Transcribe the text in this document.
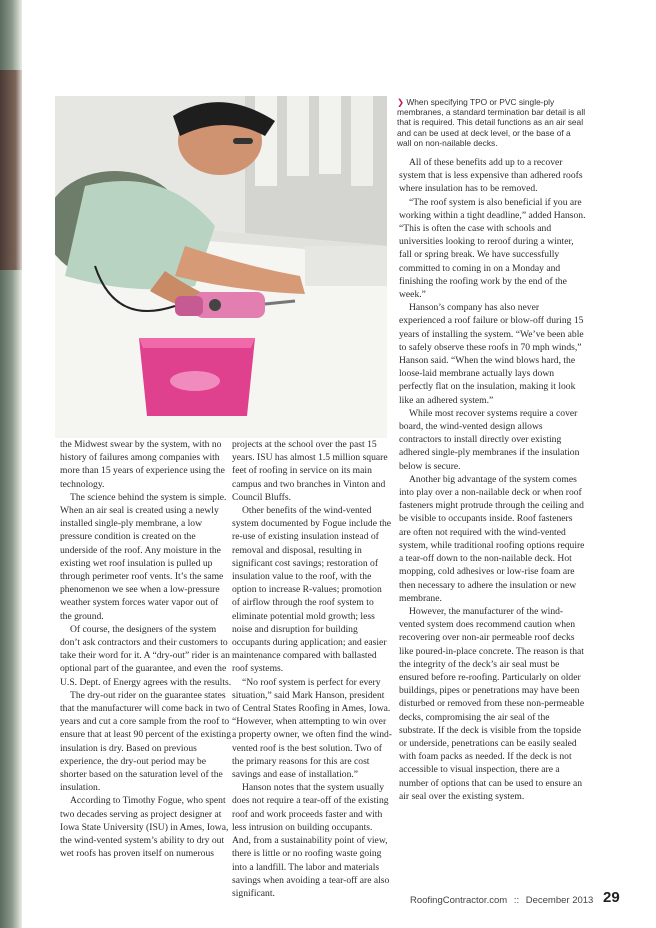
❯ When specifying TPO or PVC single-ply membranes, a standard termination bar detail is all that is required. This detail functions as an air seal and can be used at deck level, or the base of a wall on non-nailable decks.

the Midwest swear by the system, with no history of failures among companies with more than 15 years of experience using the technology.

The science behind the system is simple. When an air seal is created using a newly installed single-ply membrane, a low pressure condition is created on the underside of the roof. Any moisture in the existing wet roof insulation is pulled up through perimeter roof vents. It’s the same phenomenon we see when a low-pressure weather system forces water vapor out of the ground.

Of course, the designers of the system don’t ask contractors and their customers to take their word for it. A “dry-out” rider is an optional part of the guarantee, and even the U.S. Dept. of Energy agrees with the results.

The dry-out rider on the guarantee states that the manufacturer will come back in two years and cut a core sample from the roof to ensure that at least 90 percent of the existing insulation is dry. Based on previous experience, the dry-out period may be shorter based on the saturation level of the insulation.

According to Timothy Fogue, who spent two decades serving as project designer at Iowa State University (ISU) in Ames, Iowa, the wind-vented system’s ability to dry out wet roofs has proven itself on numerous

projects at the school over the past 15 years. ISU has almost 1.5 million square feet of roofing in service on its main campus and two branches in Vinton and Council Bluffs.

Other benefits of the wind-vented system documented by Fogue include the re-use of existing insulation instead of removal and disposal, resulting in significant cost savings; restoration of insulation value to the roof, with the option to increase R-values; promotion of airflow through the roof system to eliminate potential mold growth; less noise and disruption for building occupants during application; and easier maintenance compared with ballasted roof systems.

“No roof system is perfect for every situation,” said Mark Hanson, president of Central States Roofing in Ames, Iowa. “However, when attempting to win over a property owner, we often find the wind-vented roof is the best solution. Two of the primary reasons for this are cost savings and ease of installation.”

Hanson notes that the system usually does not require a tear-off of the existing roof and work proceeds faster and with less intrusion on building occupants. And, from a sustainability point of view, there is little or no roofing waste going into a landfill. The labor and materials savings when avoiding a tear-off are also significant.

All of these benefits add up to a recover system that is less expensive than adhered roofs where insulation has to be removed.

“The roof system is also beneficial if you are working within a tight deadline,” added Hanson. “This is often the case with schools and universities looking to reroof during a winter, fall or spring break. We have successfully committed to coming in on a Monday and finishing the roofing work by the end of the week.”

Hanson’s company has also never experienced a roof failure or blow-off during 15 years of installing the system. “We’ve been able to safely observe these roofs in 70 mph winds,” Hanson said. “When the wind blows hard, the loose-laid membrane actually lays down perfectly flat on the insulation, making it look like an adhered system.”

While most recover systems require a cover board, the wind-vented design allows contractors to install directly over existing adhered single-ply membranes if the insulation below is secure.

Another big advantage of the system comes into play over a non-nailable deck or when roof fasteners might protrude through the ceiling and be visible to occupants inside. Roof fasteners are often not required with the wind-vented system, while traditional roofing options require a tear-off down to the non-nailable deck. Hot mopping, cold adhesives or low-rise foam are then necessary to adhere the insulation or new membrane.

However, the manufacturer of the wind-vented system does recommend caution when recovering over non-air permeable roof decks like poured-in-place concrete. The reason is that the integrity of the deck’s air seal must be ensured before re-roofing. Particularly on older buildings, pipes or penetrations may have been disturbed or removed from these non-permeable decks, compromising the air seal of the substrate. If the deck is visible from the topside or underside, penetrations can be easily sealed with foam packs as needed. If the deck is not accessible to visual inspection, there are a number of options that can be used to ensure an air seal over the existing system.

RoofingContractor.com :: December 2013 29
